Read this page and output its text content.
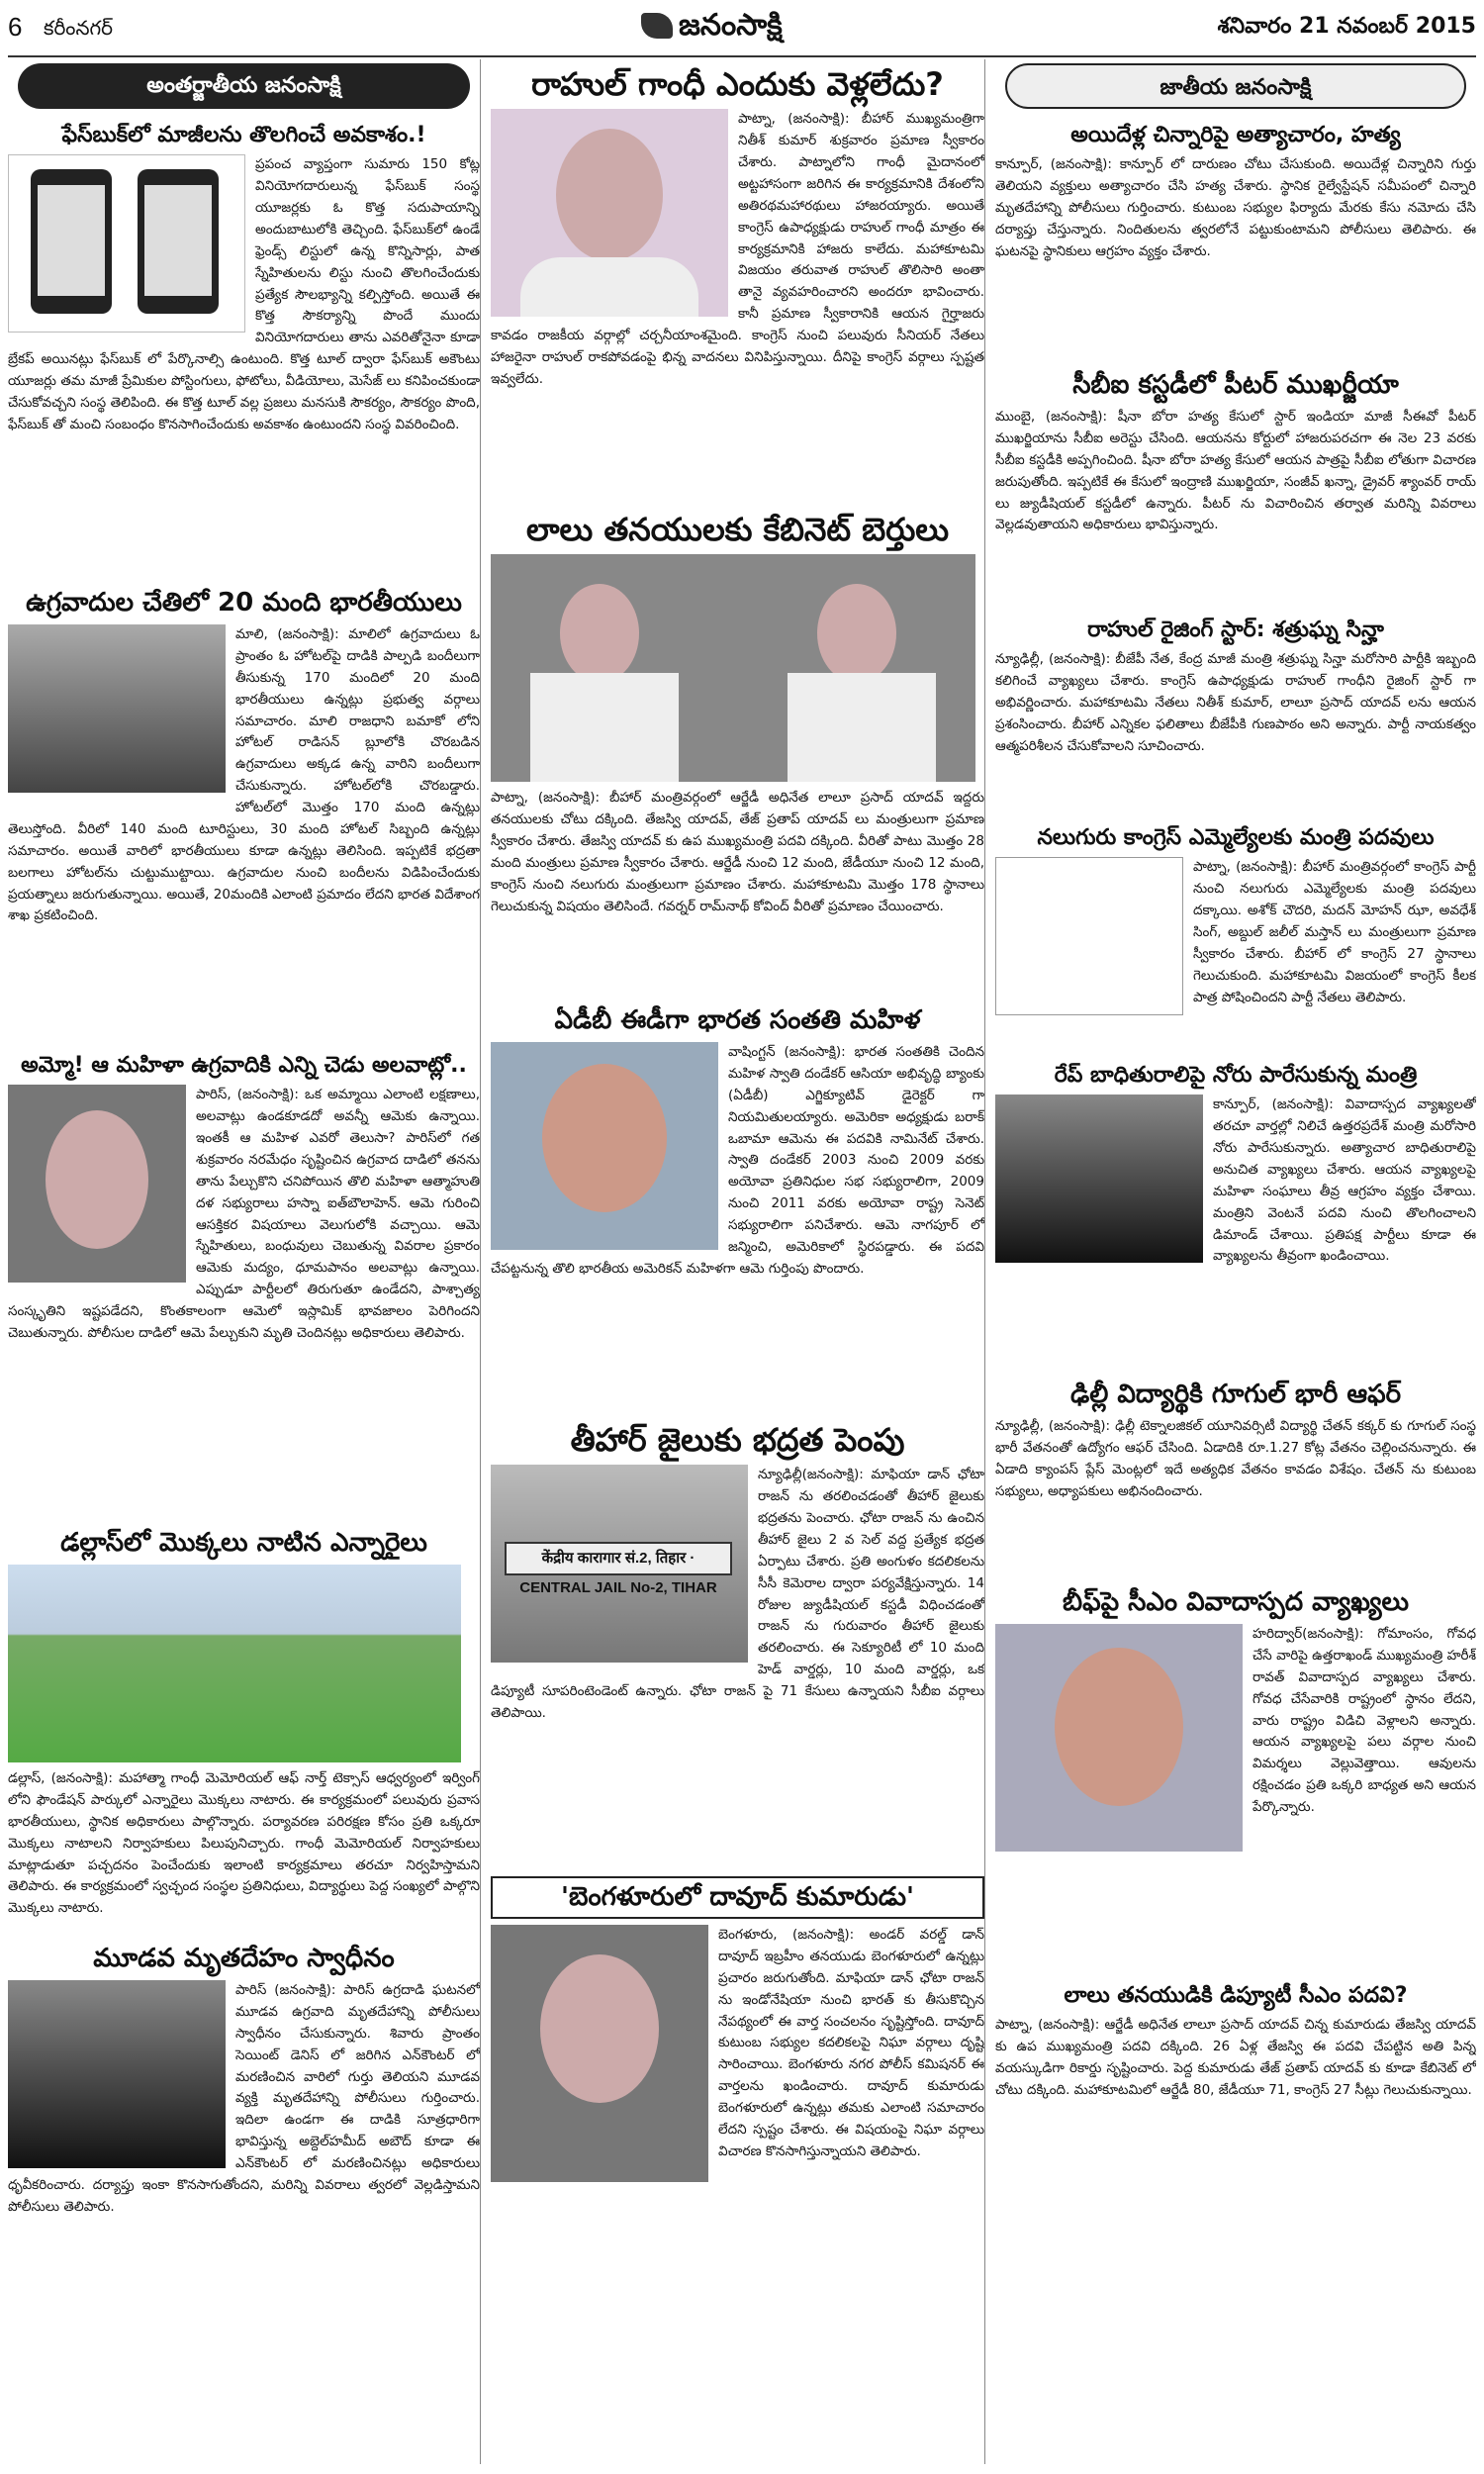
6 కరీంనగర్	జనంసాక్షి	శనివారం 21 నవంబర్ 2015
అంతర్జాతీయ జనంసాక్షి
ఫేస్‌బుక్‌లో మాజీలను తొలగించే అవకాశం.!

ప్రపంచ వ్యాప్తంగా సుమారు 150 కోట్ల వినియోగదారులున్న ఫేస్‌బుక్ సంస్థ యూజర్లకు ఓ కొత్త సదుపాయాన్ని అందుబాటులోకి తెచ్చింది. ఫేస్‌బుక్‌లో ఉండే ఫ్రెండ్స్ లిస్టులో ఉన్న కొన్నిసార్లు, పాత స్నేహితులను లిస్టు నుంచి తొలగించేందుకు ప్రత్యేక సౌలభ్యాన్ని కల్పిస్తోంది. అయితే ఈ కొత్త సౌకర్యాన్ని పొందే ముందు వినియోగదారులు తాను ఎవరితోనైనా కూడా బ్రేకప్ అయినట్లు ఫేస్‌బుక్ లో పేర్కొనాల్సి ఉంటుంది. కొత్త టూల్ ద్వారా ఫేస్‌బుక్ అకౌంటు యూజర్లు తమ మాజీ ప్రేమికుల పోస్టింగులు, ఫోటోలు, వీడియోలు, మెసేజ్ లు కనిపించకుండా చేసుకోవచ్చని సంస్థ తెలిపింది. ఈ కొత్త టూల్ వల్ల ప్రజలు మనసుకి సౌకర్యం, సౌకర్యం పొంది, ఫేస్‌బుక్ తో మంచి సంబంధం కొనసాగించేందుకు అవకాశం ఉంటుందని సంస్థ వివరించింది.

ఉగ్రవాదుల చేతిలో 20 మంది భారతీయులు

మాలి, (జనంసాక్షి): మాలిలో ఉగ్రవాదులు ఓ ప్రాంతం ఓ హోటల్‌పై దాడికి పాల్పడి బందీలుగా తీసుకున్న 170 మందిలో 20 మంది భారతీయులు ఉన్నట్లు ప్రభుత్వ వర్గాలు సమాచారం. మాలి రాజధాని బమాకో లోని హోటల్ రాడిసన్ బ్లూలోకి చొరబడిన ఉగ్రవాదులు అక్కడ ఉన్న వారిని బందీలుగా చేసుకున్నారు. హోటల్‌లోకి చొరబడ్డారు. హోటల్‌లో మొత్తం 170 మంది ఉన్నట్లు తెలుస్తోంది. వీరిలో 140 మంది టూరిస్టులు, 30 మంది హోటల్ సిబ్బంది ఉన్నట్లు సమాచారం. అయితే వారిలో భారతీయులు కూడా ఉన్నట్లు తెలిసింది. ఇప్పటికే భద్రతా బలగాలు హోటల్‌ను చుట్టుముట్టాయి. ఉగ్రవాదుల నుంచి బందీలను విడిపించేందుకు ప్రయత్నాలు జరుగుతున్నాయి. అయితే, 20మందికి ఎలాంటి ప్రమాదం లేదని భారత విదేశాంగ శాఖ ప్రకటించింది.

అమ్మో! ఆ మహిళా ఉగ్రవాదికి ఎన్ని చెడు అలవాట్లో..

పారిస్, (జనంసాక్షి): ఒక అమ్మాయి ఎలాంటి లక్షణాలు, అలవాట్లు ఉండకూడదో అవన్నీ ఆమెకు ఉన్నాయి. ఇంతకీ ఆ మహిళ ఎవరో తెలుసా? పారిస్‌లో గత శుక్రవారం నరమేధం సృష్టించిన ఉగ్రవాద దాడిలో తనను తాను పేల్చుకొని చనిపోయిన తొలి మహిళా ఆత్మాహుతి దళ సభ్యురాలు హస్నా ఐత్‌బౌలాహెన్. ఆమె గురించి ఆసక్తికర విషయాలు వెలుగులోకి వచ్చాయి. ఆమె స్నేహితులు, బంధువులు చెబుతున్న వివరాల ప్రకారం ఆమెకు మద్యం, ధూమపానం అలవాట్లు ఉన్నాయి. ఎప్పుడూ పార్టీలలో తిరుగుతూ ఉండేదని, పాశ్చాత్య సంస్కృతిని ఇష్టపడేదని, కొంతకాలంగా ఆమెలో ఇస్లామిక్ భావజాలం పెరిగిందని చెబుతున్నారు. పోలీసుల దాడిలో ఆమె పేల్చుకుని మృతి చెందినట్లు అధికారులు తెలిపారు.

డల్లాస్‌లో మొక్కలు నాటిన ఎన్నారైలు

డల్లాస్, (జనంసాక్షి): మహాత్మా గాంధీ మెమోరియల్ ఆఫ్ నార్త్ టెక్సాస్ ఆధ్వర్యంలో ఇర్వింగ్ లోని ఫౌండేషన్ పార్కులో ఎన్నారైలు మొక్కలు నాటారు. ఈ కార్యక్రమంలో పలువురు ప్రవాస భారతీయులు, స్థానిక అధికారులు పాల్గొన్నారు. పర్యావరణ పరిరక్షణ కోసం ప్రతి ఒక్కరూ మొక్కలు నాటాలని నిర్వాహకులు పిలుపునిచ్చారు. గాంధీ మెమోరియల్ నిర్వాహకులు మాట్లాడుతూ పచ్చదనం పెంచేందుకు ఇలాంటి కార్యక్రమాలు తరచూ నిర్వహిస్తామని తెలిపారు. ఈ కార్యక్రమంలో స్వచ్ఛంద సంస్థల ప్రతినిధులు, విద్యార్థులు పెద్ద సంఖ్యలో పాల్గొని మొక్కలు నాటారు.

మూడవ మృతదేహం స్వాధీనం

పారిస్ (జనంసాక్షి): పారిస్ ఉగ్రదాడి ఘటనలో మూడవ ఉగ్రవాది మృతదేహాన్ని పోలీసులు స్వాధీనం చేసుకున్నారు. శివారు ప్రాంతం సెయింట్ డెనిస్ లో జరిగిన ఎన్‌కౌంటర్ లో మరణించిన వారిలో గుర్తు తెలియని మూడవ వ్యక్తి మృతదేహాన్ని పోలీసులు గుర్తించారు. ఇదిలా ఉండగా ఈ దాడికి సూత్రధారిగా భావిస్తున్న అబ్దెల్‌హమీద్ అబౌద్ కూడా ఈ ఎన్‌కౌంటర్ లో మరణించినట్లు అధికారులు ధృవీకరించారు. దర్యాప్తు ఇంకా కొనసాగుతోందని, మరిన్ని వివరాలు త్వరలో వెల్లడిస్తామని పోలీసులు తెలిపారు.

రాహుల్ గాంధీ ఎందుకు వెళ్లలేదు?

పాట్నా, (జనంసాక్షి): బీహార్ ముఖ్యమంత్రిగా నితీశ్ కుమార్ శుక్రవారం ప్రమాణ స్వీకారం చేశారు. పాట్నాలోని గాంధీ మైదానంలో అట్టహాసంగా జరిగిన ఈ కార్యక్రమానికి దేశంలోని అతిరథమహారథులు హాజరయ్యారు. అయితే కాంగ్రెస్ ఉపాధ్యక్షుడు రాహుల్ గాంధీ మాత్రం ఈ కార్యక్రమానికి హాజరు కాలేదు. మహాకూటమి విజయం తరువాత రాహుల్ తొలిసారి అంతా తానై వ్యవహరించారని అందరూ భావించారు. కానీ ప్రమాణ స్వీకారానికి ఆయన గైర్హాజరు కావడం రాజకీయ వర్గాల్లో చర్చనీయాంశమైంది. కాంగ్రెస్ నుంచి పలువురు సీనియర్ నేతలు హాజరైనా రాహుల్ రాకపోవడంపై భిన్న వాదనలు వినిపిస్తున్నాయి. దీనిపై కాంగ్రెస్ వర్గాలు స్పష్టత ఇవ్వలేదు.

లాలు తనయులకు కేబినెట్ బెర్తులు

పాట్నా, (జనంసాక్షి): బీహార్ మంత్రివర్గంలో ఆర్జేడీ అధినేత లాలూ ప్రసాద్ యాదవ్ ఇద్దరు తనయులకు చోటు దక్కింది. తేజస్వి యాదవ్, తేజ్ ప్రతాప్ యాదవ్ లు మంత్రులుగా ప్రమాణ స్వీకారం చేశారు. తేజస్వి యాదవ్ కు ఉప ముఖ్యమంత్రి పదవి దక్కింది. వీరితో పాటు మొత్తం 28 మంది మంత్రులు ప్రమాణ స్వీకారం చేశారు. ఆర్జేడీ నుంచి 12 మంది, జేడీయూ నుంచి 12 మంది, కాంగ్రెస్ నుంచి నలుగురు మంత్రులుగా ప్రమాణం చేశారు. మహాకూటమి మొత్తం 178 స్థానాలు గెలుచుకున్న విషయం తెలిసిందే. గవర్నర్ రామ్‌నాథ్ కోవింద్ వీరితో ప్రమాణం చేయించారు.

ఏడీబీ ఈడీగా భారత సంతతి మహిళ

వాషింగ్టన్ (జనంసాక్షి): భారత సంతతికి చెందిన మహిళ స్వాతి దండేకర్ ఆసియా అభివృద్ధి బ్యాంకు (ఏడీబీ) ఎగ్జిక్యూటివ్ డైరెక్టర్ గా నియమితులయ్యారు. అమెరికా అధ్యక్షుడు బరాక్ ఒబామా ఆమెను ఈ పదవికి నామినేట్ చేశారు. స్వాతి దండేకర్ 2003 నుంచి 2009 వరకు అయోవా ప్రతినిధుల సభ సభ్యురాలిగా, 2009 నుంచి 2011 వరకు అయోవా రాష్ట్ర సెనెట్ సభ్యురాలిగా పనిచేశారు. ఆమె నాగపూర్ లో జన్మించి, అమెరికాలో స్థిరపడ్డారు. ఈ పదవి చేపట్టనున్న తొలి భారతీయ అమెరికన్ మహిళగా ఆమె గుర్తింపు పొందారు.

తీహార్ జైలుకు భద్రత పెంపు
केंद्रीय कारागार सं.2, तिहार · CENTRAL JAIL No-2, TIHAR

న్యూఢిల్లీ(జనంసాక్షి): మాఫియా డాన్ ఛోటా రాజన్ ను తరలించడంతో తీహార్ జైలుకు భద్రతను పెంచారు. ఛోటా రాజన్ ను ఉంచిన తీహార్ జైలు 2 వ సెల్ వద్ద ప్రత్యేక భద్రత ఏర్పాటు చేశారు. ప్రతి అంగుళం కదలికలను సీసీ కెమెరాల ద్వారా పర్యవేక్షిస్తున్నారు. 14 రోజుల జ్యుడీషియల్ కస్టడీ విధించడంతో రాజన్ ను గురువారం తీహార్ జైలుకు తరలించారు. ఈ సెక్యూరిటీ లో 10 మంది హెడ్ వార్డర్లు, 10 మంది వార్డర్లు, ఒక డిప్యూటీ సూపరింటెండెంట్ ఉన్నారు. ఛోటా రాజన్ పై 71 కేసులు ఉన్నాయని సీబీఐ వర్గాలు తెలిపాయి.

'బెంగళూరులో దావూద్ కుమారుడు'

బెంగళూరు, (జనంసాక్షి): అండర్ వరల్డ్ డాన్ దావూద్ ఇబ్రహీం తనయుడు బెంగళూరులో ఉన్నట్లు ప్రచారం జరుగుతోంది. మాఫియా డాన్ ఛోటా రాజన్ ను ఇండోనేషియా నుంచి భారత్ కు తీసుకొచ్చిన నేపథ్యంలో ఈ వార్త సంచలనం సృష్టిస్తోంది. దావూద్ కుటుంబ సభ్యుల కదలికలపై నిఘా వర్గాలు దృష్టి సారించాయి. బెంగళూరు నగర పోలీస్ కమిషనర్ ఈ వార్తలను ఖండించారు. దావూద్ కుమారుడు బెంగళూరులో ఉన్నట్లు తమకు ఎలాంటి సమాచారం లేదని స్పష్టం చేశారు. ఈ విషయంపై నిఘా వర్గాలు విచారణ కొనసాగిస్తున్నాయని తెలిపారు.

జాతీయ జనంసాక్షి
అయిదేళ్ల చిన్నారిపై అత్యాచారం, హత్య

కాన్పూర్, (జనంసాక్షి): కాన్పూర్ లో దారుణం చోటు చేసుకుంది. అయిదేళ్ల చిన్నారిని గుర్తు తెలియని వ్యక్తులు అత్యాచారం చేసి హత్య చేశారు. స్థానిక రైల్వేస్టేషన్ సమీపంలో చిన్నారి మృతదేహాన్ని పోలీసులు గుర్తించారు. కుటుంబ సభ్యుల ఫిర్యాదు మేరకు కేసు నమోదు చేసి దర్యాప్తు చేస్తున్నారు. నిందితులను త్వరలోనే పట్టుకుంటామని పోలీసులు తెలిపారు. ఈ ఘటనపై స్థానికులు ఆగ్రహం వ్యక్తం చేశారు.

సీబీఐ కస్టడీలో పీటర్ ముఖర్జీయా

ముంబై, (జనంసాక్షి): షీనా బోరా హత్య కేసులో స్టార్ ఇండియా మాజీ సీఈవో పీటర్ ముఖర్జియాను సీబీఐ అరెస్టు చేసింది. ఆయనను కోర్టులో హాజరుపరచగా ఈ నెల 23 వరకు సీబీఐ కస్టడీకి అప్పగించింది. షీనా బోరా హత్య కేసులో ఆయన పాత్రపై సీబీఐ లోతుగా విచారణ జరుపుతోంది. ఇప్పటికే ఈ కేసులో ఇంద్రాణి ముఖర్జియా, సంజీవ్ ఖన్నా, డ్రైవర్ శ్యాంవర్ రాయ్ లు జ్యుడీషియల్ కస్టడీలో ఉన్నారు. పీటర్ ను విచారించిన తర్వాత మరిన్ని వివరాలు వెల్లడవుతాయని అధికారులు భావిస్తున్నారు.

రాహుల్ రైజింగ్ స్టార్: శత్రుఘ్న సిన్హా

న్యూఢిల్లీ, (జనంసాక్షి): బీజేపీ నేత, కేంద్ర మాజీ మంత్రి శత్రుఘ్న సిన్హా మరోసారి పార్టీకి ఇబ్బంది కలిగించే వ్యాఖ్యలు చేశారు. కాంగ్రెస్ ఉపాధ్యక్షుడు రాహుల్ గాంధీని రైజింగ్ స్టార్ గా అభివర్ణించారు. మహాకూటమి నేతలు నితీశ్ కుమార్, లాలూ ప్రసాద్ యాదవ్ లను ఆయన ప్రశంసించారు. బీహార్ ఎన్నికల ఫలితాలు బీజేపీకి గుణపాఠం అని అన్నారు. పార్టీ నాయకత్వం ఆత్మపరిశీలన చేసుకోవాలని సూచించారు.

నలుగురు కాంగ్రెస్ ఎమ్మెల్యేలకు మంత్రి పదవులు

పాట్నా, (జనంసాక్షి): బీహార్ మంత్రివర్గంలో కాంగ్రెస్ పార్టీ నుంచి నలుగురు ఎమ్మెల్యేలకు మంత్రి పదవులు దక్కాయి. అశోక్ చౌదరి, మదన్ మోహన్ ఝా, అవధేశ్ సింగ్, అబ్దుల్ జలీల్ మస్తాన్ లు మంత్రులుగా ప్రమాణ స్వీకారం చేశారు. బీహార్ లో కాంగ్రెస్ 27 స్థానాలు గెలుచుకుంది. మహాకూటమి విజయంలో కాంగ్రెస్ కీలక పాత్ర పోషించిందని పార్టీ నేతలు తెలిపారు.

రేప్ బాధితురాలిపై నోరు పారేసుకున్న మంత్రి

కాన్పూర్, (జనంసాక్షి): వివాదాస్పద వ్యాఖ్యలతో తరచూ వార్తల్లో నిలిచే ఉత్తరప్రదేశ్ మంత్రి మరోసారి నోరు పారేసుకున్నారు. అత్యాచార బాధితురాలిపై అనుచిత వ్యాఖ్యలు చేశారు. ఆయన వ్యాఖ్యలపై మహిళా సంఘాలు తీవ్ర ఆగ్రహం వ్యక్తం చేశాయి. మంత్రిని వెంటనే పదవి నుంచి తొలగించాలని డిమాండ్ చేశాయి. ప్రతిపక్ష పార్టీలు కూడా ఈ వ్యాఖ్యలను తీవ్రంగా ఖండించాయి.

ఢిల్లీ విద్యార్థికి గూగుల్ భారీ ఆఫర్

న్యూఢిల్లీ, (జనంసాక్షి): ఢిల్లీ టెక్నాలజికల్ యూనివర్సిటీ విద్యార్థి చేతన్ కక్కర్ కు గూగుల్ సంస్థ భారీ వేతనంతో ఉద్యోగం ఆఫర్ చేసింది. ఏడాదికి రూ.1.27 కోట్ల వేతనం చెల్లించనున్నారు. ఈ ఏడాది క్యాంపస్ ప్లేస్ మెంట్లలో ఇదే అత్యధిక వేతనం కావడం విశేషం. చేతన్ ను కుటుంబ సభ్యులు, అధ్యాపకులు అభినందించారు.

బీఫ్‌పై సీఎం వివాదాస్పద వ్యాఖ్యలు

హరిద్వార్(జనంసాక్షి): గోమాంసం, గోవధ చేసే వారిపై ఉత్తరాఖండ్ ముఖ్యమంత్రి హరీశ్ రావత్ వివాదాస్పద వ్యాఖ్యలు చేశారు. గోవధ చేసేవారికి రాష్ట్రంలో స్థానం లేదని, వారు రాష్ట్రం విడిచి వెళ్లాలని అన్నారు. ఆయన వ్యాఖ్యలపై పలు వర్గాల నుంచి విమర్శలు వెల్లువెత్తాయి. ఆవులను రక్షించడం ప్రతి ఒక్కరి బాధ్యత అని ఆయన పేర్కొన్నారు.

లాలు తనయుడికి డిప్యూటీ సీఎం పదవి?

పాట్నా, (జనంసాక్షి): ఆర్జేడీ అధినేత లాలూ ప్రసాద్ యాదవ్ చిన్న కుమారుడు తేజస్వి యాదవ్ కు ఉప ముఖ్యమంత్రి పదవి దక్కింది. 26 ఏళ్ల తేజస్వి ఈ పదవి చేపట్టిన అతి పిన్న వయస్కుడిగా రికార్డు సృష్టించారు. పెద్ద కుమారుడు తేజ్ ప్రతాప్ యాదవ్ కు కూడా కేబినెట్ లో చోటు దక్కింది. మహాకూటమిలో ఆర్జేడీ 80, జేడీయూ 71, కాంగ్రెస్ 27 సీట్లు గెలుచుకున్నాయి.
